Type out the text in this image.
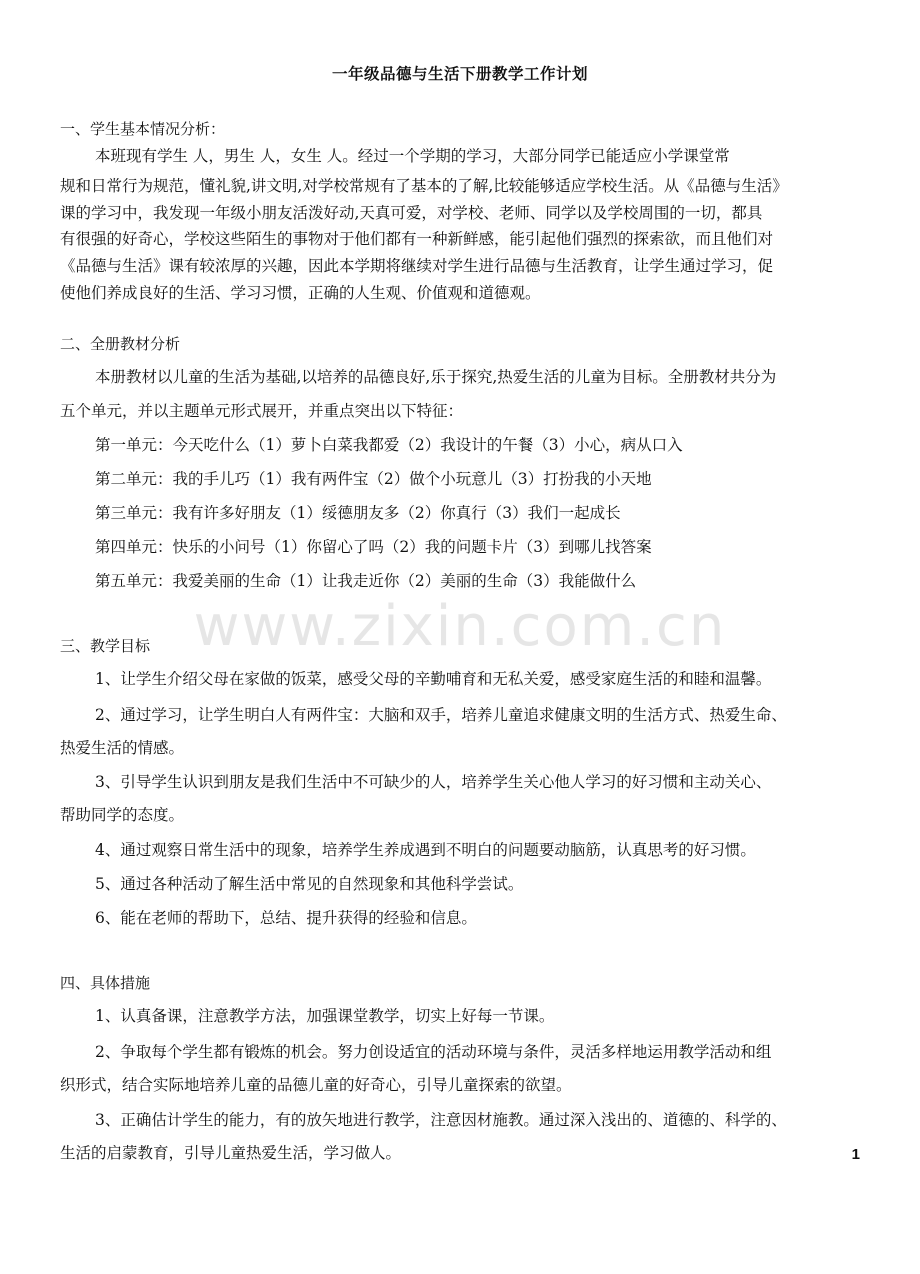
www.zixin.com.cn
一年级品德与生活下册教学工作计划
一、学生基本情况分析：
本班现有学生 人，男生 人，女生 人。经过一个学期的学习，大部分同学已能适应小学课堂常
规和日常行为规范，懂礼貌,讲文明,对学校常规有了基本的了解,比较能够适应学校生活。从《品德与生活》
课的学习中，我发现一年级小朋友活泼好动,天真可爱，对学校、老师、同学以及学校周围的一切，都具
有很强的好奇心，学校这些陌生的事物对于他们都有一种新鲜感，能引起他们强烈的探索欲，而且他们对
《品德与生活》课有较浓厚的兴趣，因此本学期将继续对学生进行品德与生活教育，让学生通过学习，促
使他们养成良好的生活、学习习惯，正确的人生观、价值观和道德观。
二、全册教材分析
本册教材以儿童的生活为基础,以培养的品德良好,乐于探究,热爱生活的儿童为目标。全册教材共分为
五个单元，并以主题单元形式展开，并重点突出以下特征：
第一单元：今天吃什么（1）萝卜白菜我都爱（2）我设计的午餐（3）小心，病从口入
第二单元：我的手儿巧（1）我有两件宝（2）做个小玩意儿（3）打扮我的小天地
第三单元：我有许多好朋友（1）绥德朋友多（2）你真行（3）我们一起成长
第四单元：快乐的小问号（1）你留心了吗（2）我的问题卡片（3）到哪儿找答案
第五单元：我爱美丽的生命（1）让我走近你（2）美丽的生命（3）我能做什么
三、教学目标
1、让学生介绍父母在家做的饭菜，感受父母的辛勤哺育和无私关爱，感受家庭生活的和睦和温馨。
2、通过学习，让学生明白人有两件宝：大脑和双手，培养儿童追求健康文明的生活方式、热爱生命、
热爱生活的情感。
3、引导学生认识到朋友是我们生活中不可缺少的人，培养学生关心他人学习的好习惯和主动关心、
帮助同学的态度。
4、通过观察日常生活中的现象，培养学生养成遇到不明白的问题要动脑筋，认真思考的好习惯。
5、通过各种活动了解生活中常见的自然现象和其他科学尝试。
6、能在老师的帮助下，总结、提升获得的经验和信息。
四、具体措施
1、认真备课，注意教学方法，加强课堂教学，切实上好每一节课。
2、争取每个学生都有锻炼的机会。努力创设适宜的活动环境与条件，灵活多样地运用教学活动和组
织形式，结合实际地培养儿童的品德儿童的好奇心，引导儿童探索的欲望。
3、正确估计学生的能力，有的放矢地进行教学，注意因材施教。通过深入浅出的、道德的、科学的、
生活的启蒙教育，引导儿童热爱生活，学习做人。	1
